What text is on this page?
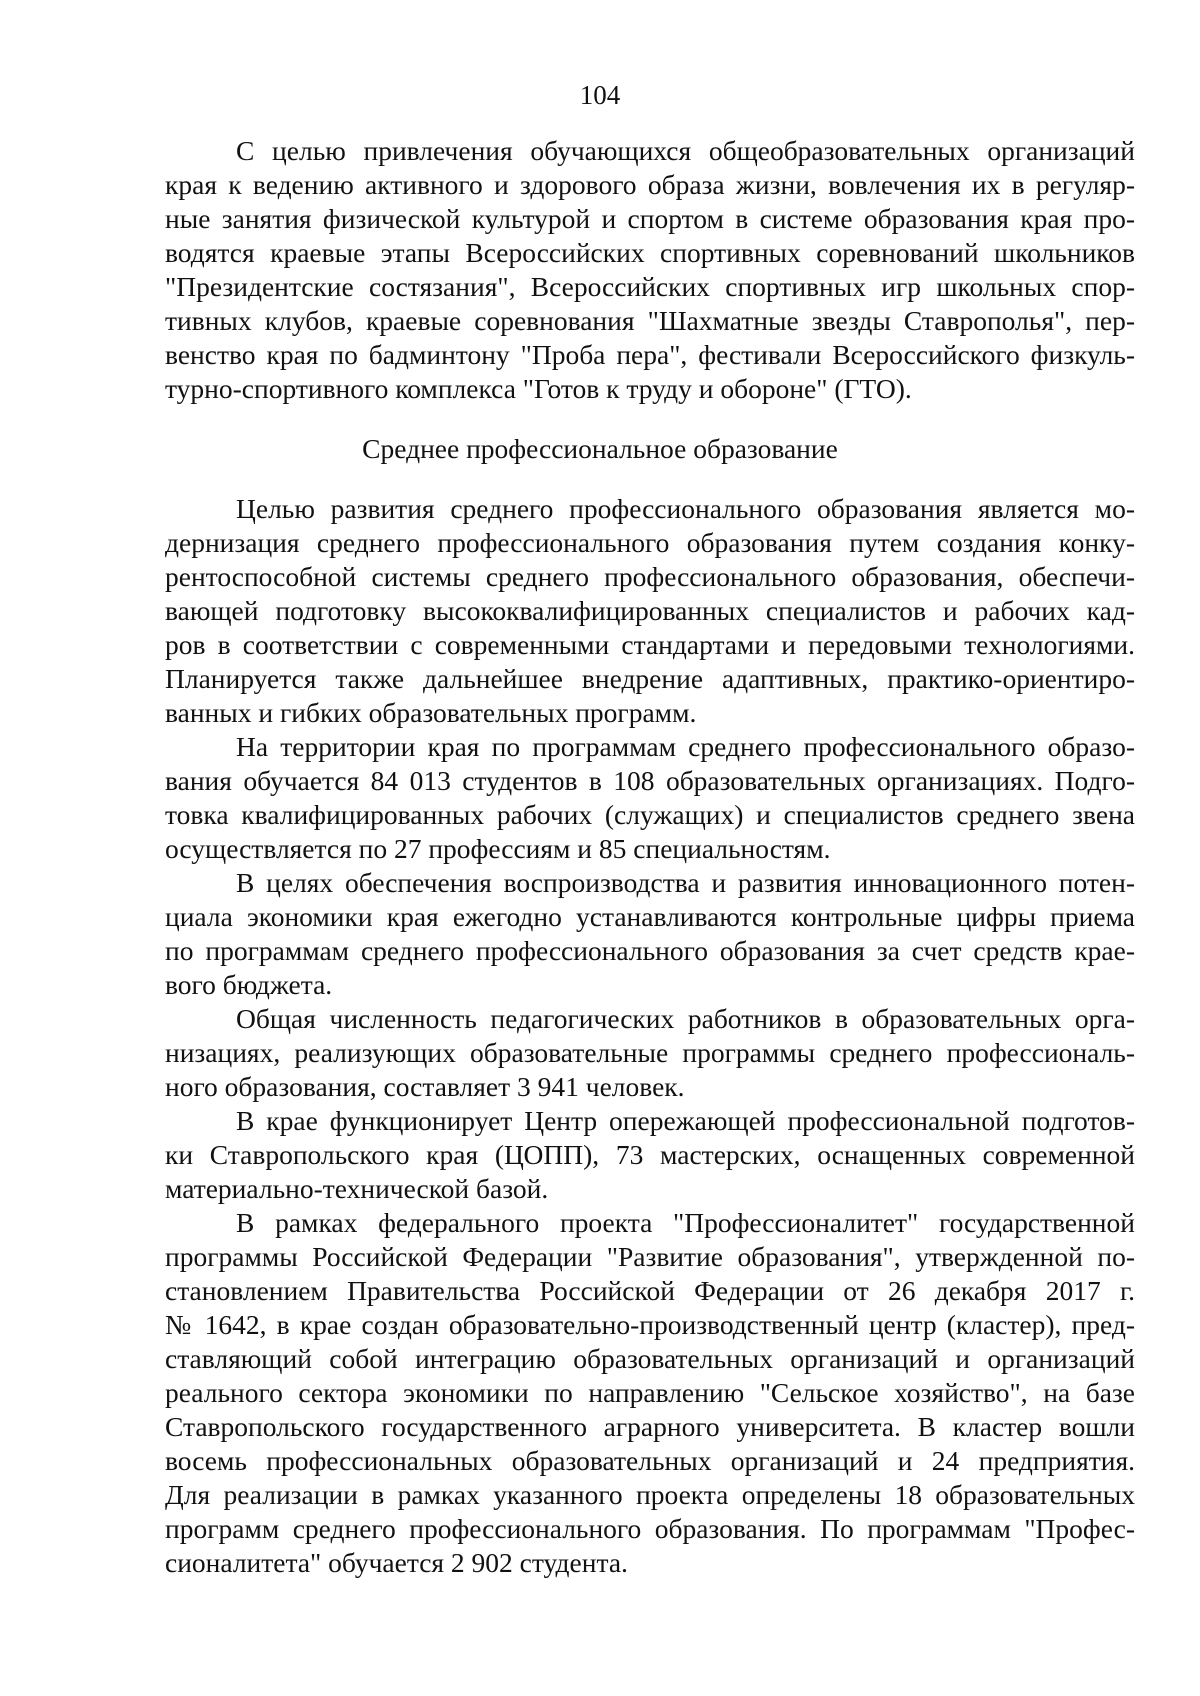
104
С целью привлечения обучающихся общеобразовательных организаций
края к ведению активного и здорового образа жизни, вовлечения их в регуляр-
ные занятия физической культурой и спортом в системе образования края про-
водятся краевые этапы Всероссийских спортивных соревнований школьников
"Президентские состязания", Всероссийских спортивных игр школьных спор-
тивных клубов, краевые соревнования "Шахматные звезды Ставрополья", пер-
венство края по бадминтону "Проба пера", фестивали Всероссийского физкуль-
турно-спортивного комплекса "Готов к труду и обороне" (ГТО).
Среднее профессиональное образование
Целью развития среднего профессионального образования является мо-
дернизация среднего профессионального образования путем создания конку-
рентоспособной системы среднего профессионального образования, обеспечи-
вающей подготовку высококвалифицированных специалистов и рабочих кад-
ров в соответствии с современными стандартами и передовыми технологиями.
Планируется также дальнейшее внедрение адаптивных, практико-ориентиро-
ванных и гибких образовательных программ.
На территории края по программам среднего профессионального образо-
вания обучается 84 013 студентов в 108 образовательных организациях. Подго-
товка квалифицированных рабочих (служащих) и специалистов среднего звена
осуществляется по 27 профессиям и 85 специальностям.
В целях обеспечения воспроизводства и развития инновационного потен-
циала экономики края ежегодно устанавливаются контрольные цифры приема
по программам среднего профессионального образования за счет средств крае-
вого бюджета.
Общая численность педагогических работников в образовательных орга-
низациях, реализующих образовательные программы среднего профессиональ-
ного образования, составляет 3 941 человек.
В крае функционирует Центр опережающей профессиональной подготов-
ки Ставропольского края (ЦОПП), 73 мастерских, оснащенных современной
материально-технической базой.
В рамках федерального проекта "Профессионалитет" государственной
программы Российской Федерации "Развитие образования", утвержденной по-
становлением Правительства Российской Федерации от 26 декабря 2017 г.
№ 1642, в крае создан образовательно-производственный центр (кластер), пред-
ставляющий собой интеграцию образовательных организаций и организаций
реального сектора экономики по направлению "Сельское хозяйство", на базе
Ставропольского государственного аграрного университета. В кластер вошли
восемь профессиональных образовательных организаций и 24 предприятия.
Для реализации в рамках указанного проекта определены 18 образовательных
программ среднего профессионального образования. По программам "Профес-
сионалитета" обучается 2 902 студента.
